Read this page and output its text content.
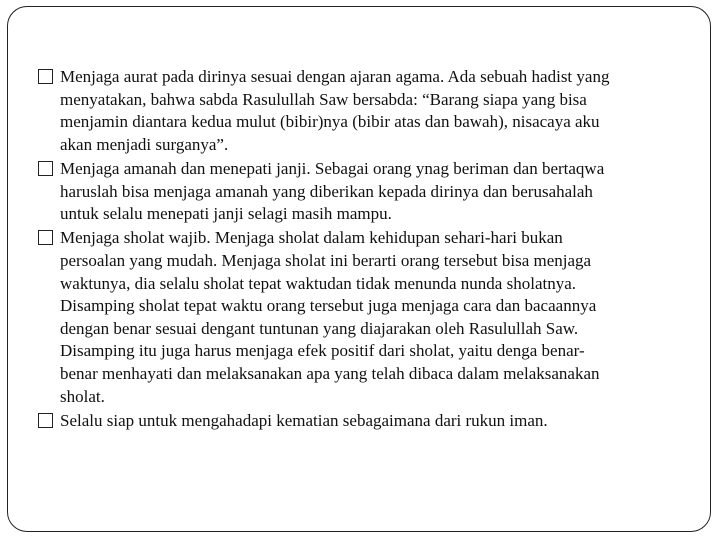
Menjaga aurat pada dirinya sesuai dengan ajaran agama. Ada sebuah hadist yang
menyatakan, bahwa sabda Rasulullah Saw bersabda: “Barang siapa yang bisa
menjamin diantara kedua mulut (bibir)nya (bibir atas dan bawah), nisacaya aku
akan menjadi surganya”.
Menjaga amanah dan menepati janji. Sebagai orang ynag beriman dan bertaqwa
haruslah bisa menjaga amanah yang diberikan kepada dirinya dan berusahalah
untuk selalu menepati janji selagi masih mampu.
Menjaga sholat wajib. Menjaga sholat dalam kehidupan sehari-hari bukan
persoalan yang mudah. Menjaga sholat ini berarti orang tersebut bisa menjaga
waktunya, dia selalu sholat tepat waktudan tidak menunda nunda sholatnya.
Disamping sholat tepat waktu orang tersebut juga menjaga cara dan bacaannya
dengan benar sesuai dengant tuntunan yang diajarakan oleh Rasulullah Saw.
Disamping itu juga harus menjaga efek positif dari sholat, yaitu denga benar-
benar menhayati dan melaksanakan apa yang telah dibaca dalam melaksanakan
sholat.
Selalu siap untuk mengahadapi kematian sebagaimana dari rukun iman.
